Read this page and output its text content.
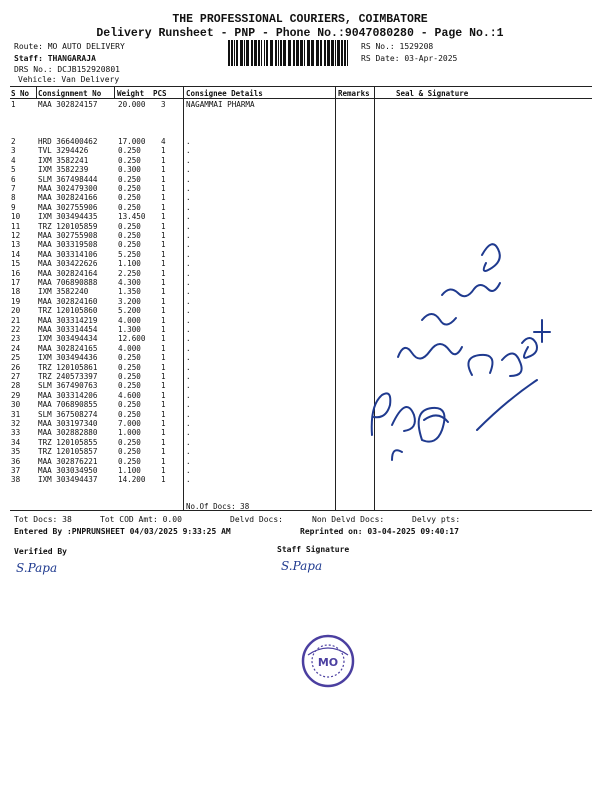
THE PROFESSIONAL COURIERS, COIMBATORE
Delivery Runsheet - PNP - Phone No.:9047080280 - Page No.:1
Route: MO AUTO DELIVERY
Staff: THANGARAJA
DRS No.: DCJB152920801
Vehicle: Van Delivery
RS No.: 1529208
RS Date: 03-Apr-2025
S No Consignment No Weight PCS	Consignee Details	Remarks	Seal & Signature
1	MAA 302824157	20.000 3	NAGAMMAI PHARMA
2	HRD 366400462	17.000 4	.
3	TVL 3294426	0.250	1	.
4	IXM 3582241	0.250	1	.
5	IXM 3582239	0.300	1	.
6	SLM 367498444	0.250	1	.
7	MAA 302479300	0.250	1	.
8	MAA 302824166	0.250	1	.
9	MAA 302755906	0.250	1	.
10 IXM 303494435	13.450 1	.
11 TRZ 120105859	0.250	1	.
12 MAA 302755908	0.250	1	.
13 MAA 303319508	0.250	1	.
14 MAA 303314106	5.250	1	.
15 MAA 303422626	1.100	1	.
16 MAA 302824164	2.250	1	.
17 MAA 706890888	4.300	1	.
18 IXM 3582240	1.350	1	.
19 MAA 302824160	3.200	1	.
20 TRZ 120105860	5.200	1	.
21 MAA 303314219	4.000	1	.
22 MAA 303314454	1.300	1	.
23 IXM 303494434	12.600 1	.
24 MAA 302824165	4.000	1	.
25 IXM 303494436	0.250	1	.
26 TRZ 120105861	0.250	1	.
27 TRZ 240573397	0.250	1	.
28 SLM 367490763	0.250	1	.
29 MAA 303314206	4.600	1	.
30 MAA 706890855	0.250	1	.
31 SLM 367508274	0.250	1	.
32 MAA 303197340	7.000	1	.
33 MAA 302882880	1.000	1	.
34 TRZ 120105855	0.250	1	.
35 TRZ 120105857	0.250	1	.
36 MAA 302876221	0.250	1	.
37 MAA 303034950	1.100	1	.
38 IXM 303494437	14.200 1	.
No.Of Docs: 38
Tot Docs: 38	Tot COD Amt: 0.00	Delvd Docs:	Non Delvd Docs:	Delvy pts:
Entered By :PNPRUNSHEET 04/03/2025 9:33:25 AM	Reprinted on: 03-04-2025 09:40:17
Verified By	Staff Signature
S.Papa	S.Papa
MO
